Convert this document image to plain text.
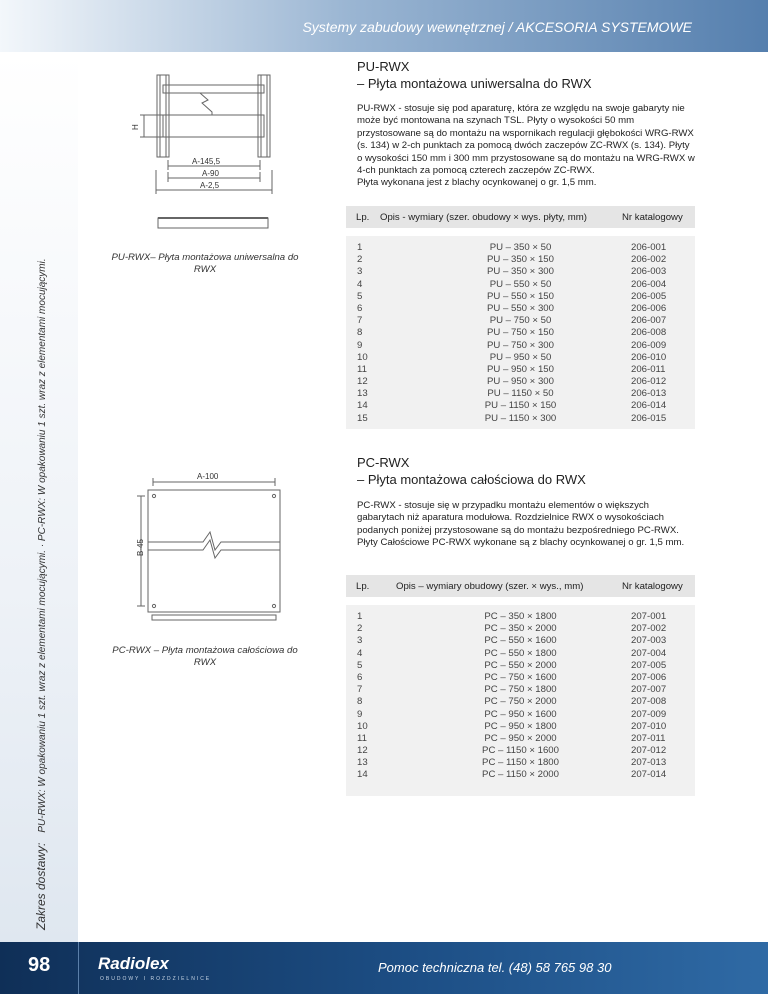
Systemy zabudowy wewnętrznej / AKCESORIA SYSTEMOWE
Zakres dostawy:PU-RWX: W opakowaniu 1 szt. wraz z elementami mocującymi. · PC-RWX: W opakowaniu 1 szt. wraz z elementami mocującymi.
PU-RWX
– Płyta montażowa uniwersalna do RWX
PU-RWX - stosuje się pod aparaturę, która ze względu na swoje gabaryty nie może być montowana na szynach TSL. Płyty o wysokości 50 mm przystosowane są do montażu na wspornikach regulacji głębokości WRG-RWX (s. 134) w 2-ch punktach za pomocą dwóch zaczepów ZC-RWX (s. 134). Płyty o wysokości 150 mm i 300 mm przystosowane są do montażu na WRG-RWX w 4-ch punktach za pomocą czterech zaczepów ZC-RWX.
Płyta wykonana jest z blachy ocynkowanej o gr. 1,5 mm.
H
A-145,5
A-90
A-2,5
PU-RWX– Płyta montażowa uniwersalna do RWX
Lp. Opis - wymiary (szer. obudowy × wys. płyty, mm)	Nr katalogowy
1	PU – 350 × 50	206-001
2	PU – 350 × 150	206-002
3	PU – 350 × 300	206-003
4	PU – 550 × 50	206-004
5	PU – 550 × 150	206-005
6	PU – 550 × 300	206-006
7	PU – 750 × 50	206-007
8	PU – 750 × 150	206-008
9	PU – 750 × 300	206-009
10	PU – 950 × 50	206-010
11	PU – 950 × 150	206-011
12	PU – 950 × 300	206-012
13	PU – 1150 × 50	206-013
14	PU – 1150 × 150	206-014
15	PU – 1150 × 300	206-015
PC-RWX
– Płyta montażowa całościowa do RWX
PC-RWX - stosuje się w przypadku montażu elementów o większych gabarytach niż aparatura modułowa. Rozdzielnice RWX o wysokościach podanych poniżej przystosowane są do montażu bezpośredniego PC-RWX.
Płyty Całościowe PC-RWX wykonane są z blachy ocynkowanej o gr. 1,5 mm.
A-100
B-45
PC-RWX – Płyta montażowa całościowa do RWX
Lp.	Opis – wymiary obudowy (szer. × wys., mm)	Nr katalogowy
1	PC – 350 × 1800	207-001
2	PC – 350 × 2000	207-002
3	PC – 550 × 1600	207-003
4	PC – 550 × 1800	207-004
5	PC – 550 × 2000	207-005
6	PC – 750 × 1600	207-006
7	PC – 750 × 1800	207-007
8	PC – 750 × 2000	207-008
9	PC – 950 × 1600	207-009
10	PC – 950 × 1800	207-010
11	PC – 950 × 2000	207-011
12	PC – 1150 × 1600	207-012
13	PC – 1150 × 1800	207-013
14	PC – 1150 × 2000	207-014
98	Radiolex
OBUDOWY I ROZDZIELNICE
Pomoc techniczna tel. (48) 58 765 98 30
